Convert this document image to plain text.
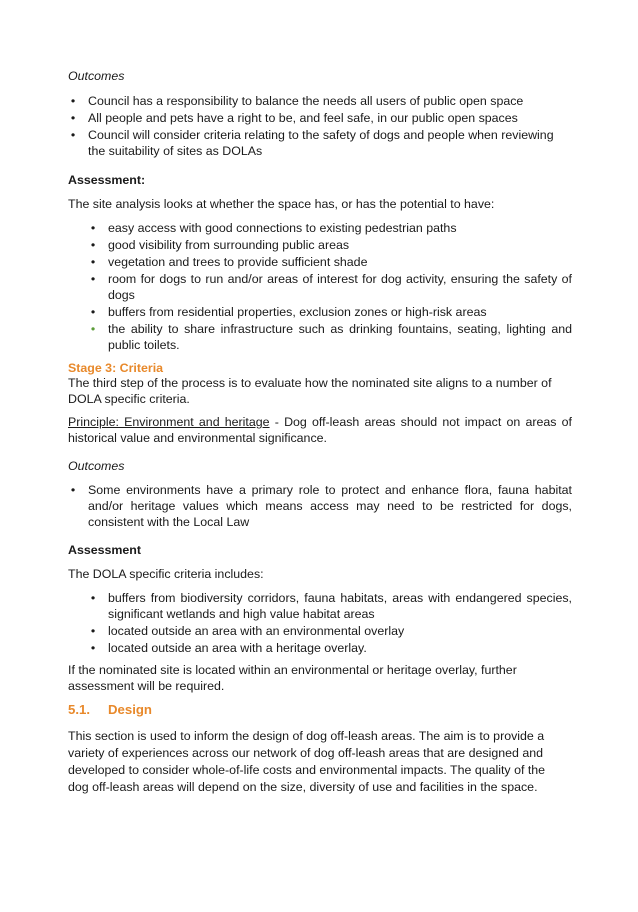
Outcomes

• Council has a responsibility to balance the needs all users of public open space
• All people and pets have a right to be, and feel safe, in our public open spaces
• Council will consider criteria relating to the safety of dogs and people when reviewing the suitability of sites as DOLAs

Assessment:

The site analysis looks at whether the space has, or has the potential to have:

• easy access with good connections to existing pedestrian paths
• good visibility from surrounding public areas
• vegetation and trees to provide sufficient shade
• room for dogs to run and/or areas of interest for dog activity, ensuring the safety of dogs
• buffers from residential properties, exclusion zones or high-risk areas
• the ability to share infrastructure such as drinking fountains, seating, lighting and public toilets.

Stage 3: Criteria

The third step of the process is to evaluate how the nominated site aligns to a number of DOLA specific criteria.

Principle: Environment and heritage - Dog off-leash areas should not impact on areas of historical value and environmental significance.

Outcomes

• Some environments have a primary role to protect and enhance flora, fauna habitat and/or heritage values which means access may need to be restricted for dogs, consistent with the Local Law

Assessment

The DOLA specific criteria includes:

• buffers from biodiversity corridors, fauna habitats, areas with endangered species, significant wetlands and high value habitat areas
• located outside an area with an environmental overlay
• located outside an area with a heritage overlay.

If the nominated site is located within an environmental or heritage overlay, further assessment will be required.

5.1. Design

This section is used to inform the design of dog off-leash areas. The aim is to provide a variety of experiences across our network of dog off-leash areas that are designed and developed to consider whole-of-life costs and environmental impacts. The quality of the dog off-leash areas will depend on the size, diversity of use and facilities in the space.
